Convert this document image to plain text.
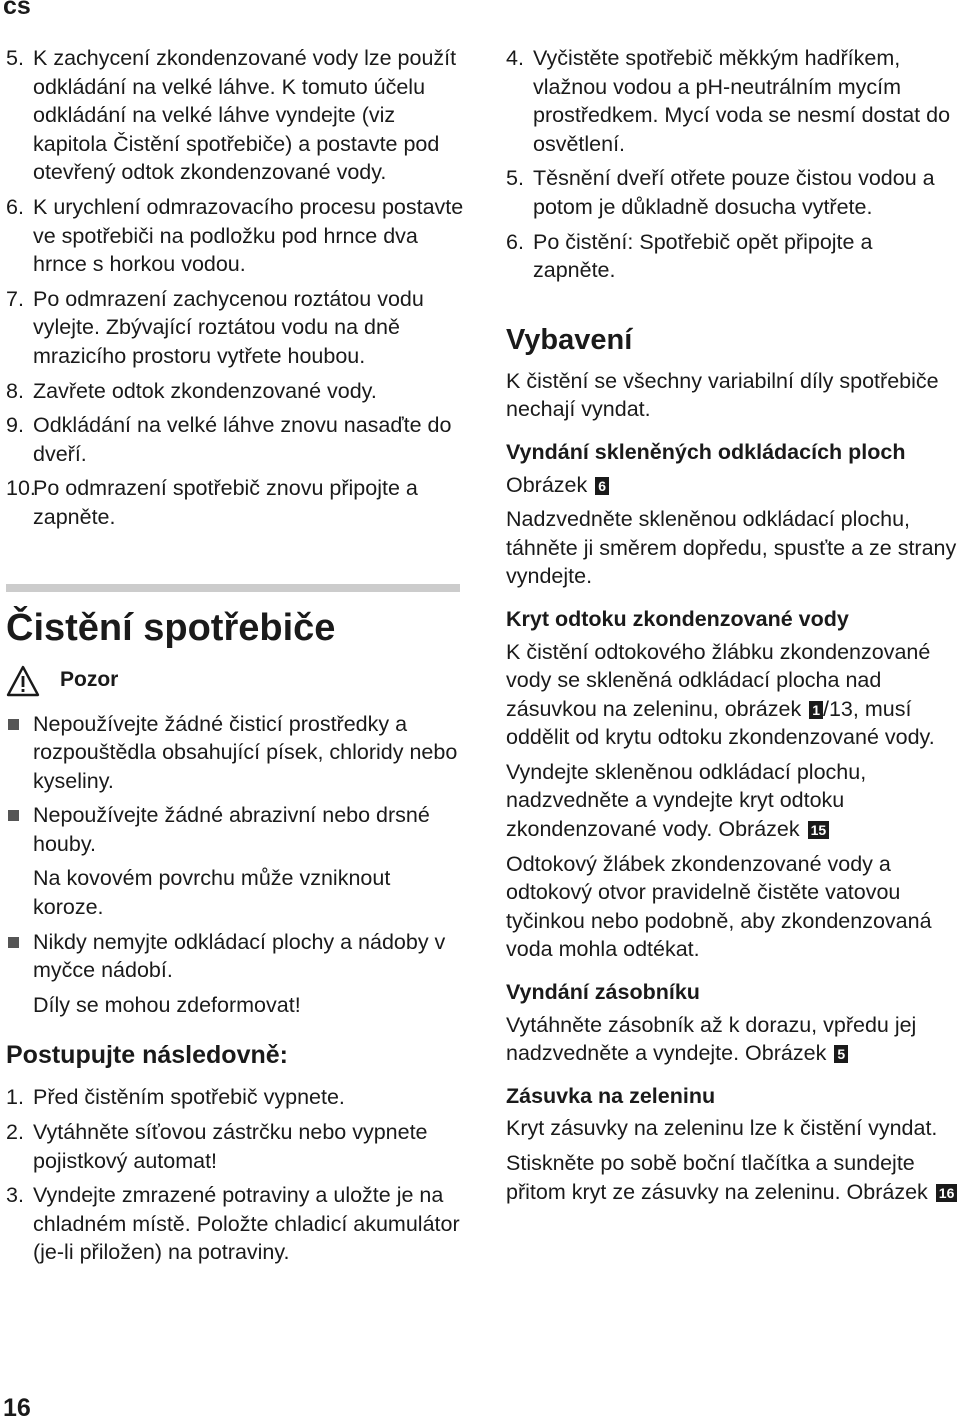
cs
5. K zachycení zkondenzované vody lze použít odkládání na velké láhve. K tomuto účelu odkládání na velké láhve vyndejte (viz kapitola Čistění spotřebiče) a postavte pod otevřený odtok zkondenzované vody.
6. K urychlení odmrazovacího procesu postavte ve spotřebiči na podložku pod hrnce dva hrnce s horkou vodou.
7. Po odmrazení zachycenou roztátou vodu vylejte. Zbývající roztátou vodu na dně mrazicího prostoru vytřete houbou.
8. Zavřete odtok zkondenzované vody.
9. Odkládání na velké láhve znovu nasaďte do dveří.
10.
Po odmrazení spotřebič znovu připojte a zapněte.
Čistění spotřebiče
Pozor
Nepoužívejte žádné čisticí prostředky a rozpouštědla obsahující písek, chloridy nebo kyseliny.
Nepoužívejte žádné abrazivní nebo drsné houby.
Na kovovém povrchu může vzniknout koroze.
Nikdy nemyjte odkládací plochy a nádoby v myčce nádobí.
Díly se mohou zdeformovat!
Postupujte následovně:
1. Před čistěním spotřebič vypnete.
2. Vytáhněte síťovou zástrčku nebo vypnete pojistkový automat!
3. Vyndejte zmrazené potraviny a uložte je na chladném místě. Položte chladicí akumulátor (je-li přiložen) na potraviny.
4. Vyčistěte spotřebič měkkým hadříkem, vlažnou vodou a pH-neutrálním mycím prostředkem. Mycí voda se nesmí dostat do osvětlení.
5. Těsnění dveří otřete pouze čistou vodou a potom je důkladně dosucha vytřete.
6. Po čistění: Spotřebič opět připojte a zapněte.
Vybavení

K čistění se všechny variabilní díly spotřebiče nechají vyndat.

Vyndání skleněných odkládacích ploch

Obrázek 6

Nadzvedněte skleněnou odkládací plochu, táhněte ji směrem dopředu, spusťte a ze strany vyndejte.

Kryt odtoku zkondenzované vody

K čistění odtokového žlábku zkondenzované vody se skleněná odkládací plocha nad zásuvkou na zeleninu, obrázek 1 /13, musí oddělit od krytu odtoku zkondenzované vody.

Vyndejte skleněnou odkládací plochu, nadzvedněte a vyndejte kryt odtoku zkondenzované vody. Obrázek 15

Odtokový žlábek zkondenzované vody a odtokový otvor pravidelně čistěte vatovou tyčinkou nebo podobně, aby zkondenzovaná voda mohla odtékat.

Vyndání zásobníku

Vytáhněte zásobník až k dorazu, vpředu jej nadzvedněte a vyndejte. Obrázek 5

Zásuvka na zeleninu

Kryt zásuvky na zeleninu lze k čistění vyndat.

Stiskněte po sobě boční tlačítka a sundejte přitom kryt ze zásuvky na zeleninu. Obrázek 16

16
